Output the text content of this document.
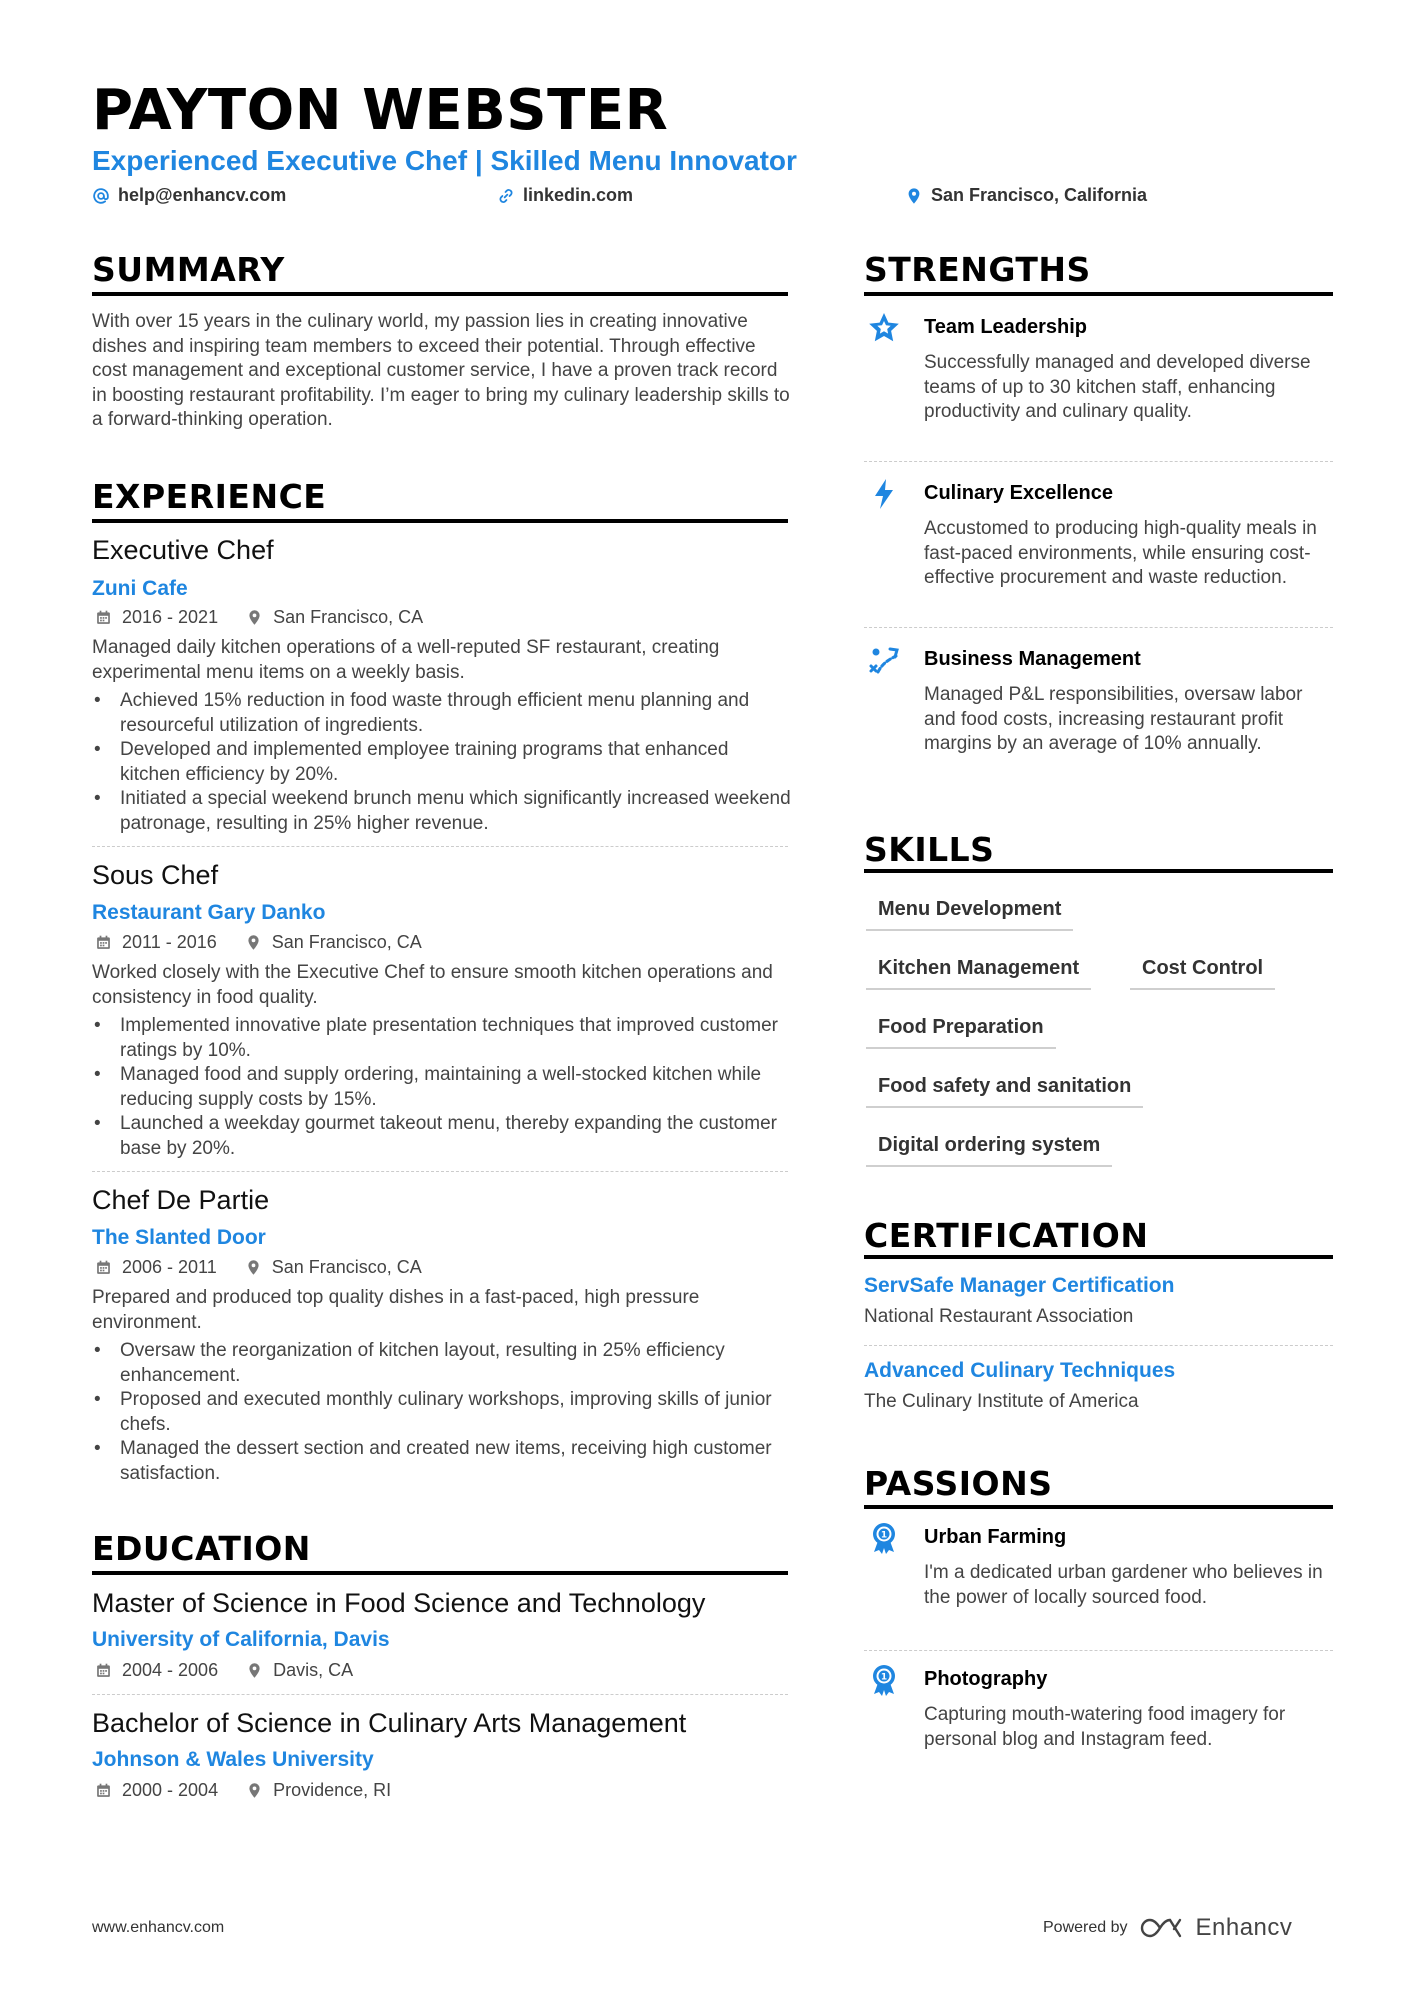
PAYTON WEBSTER
Experienced Executive Chef | Skilled Menu Innovator
help@enhancv.com	linkedin.com	San Francisco, California
SUMMARY
With over 15 years in the culinary world, my passion lies in creating innovative dishes and inspiring team members to exceed their potential. Through effective cost management and exceptional customer service, I have a proven track record in boosting restaurant profitability. I’m eager to bring my culinary leadership skills to a forward-thinking operation.
EXPERIENCE
Executive Chef
Zuni Cafe
2016 - 2021	San Francisco, CA
Managed daily kitchen operations of a well-reputed SF restaurant, creating experimental menu items on a weekly basis.
• Achieved 15% reduction in food waste through efficient menu planning and resourceful utilization of ingredients.
• Developed and implemented employee training programs that enhanced kitchen efficiency by 20%.
• Initiated a special weekend brunch menu which significantly increased weekend patronage, resulting in 25% higher revenue.
Sous Chef
Restaurant Gary Danko
2011 - 2016	San Francisco, CA
Worked closely with the Executive Chef to ensure smooth kitchen operations and consistency in food quality.
• Implemented innovative plate presentation techniques that improved customer ratings by 10%.
• Managed food and supply ordering, maintaining a well-stocked kitchen while reducing supply costs by 15%.
• Launched a weekday gourmet takeout menu, thereby expanding the customer base by 20%.
Chef De Partie
The Slanted Door
2006 - 2011	San Francisco, CA
Prepared and produced top quality dishes in a fast-paced, high pressure environment.
• Oversaw the reorganization of kitchen layout, resulting in 25% efficiency enhancement.
• Proposed and executed monthly culinary workshops, improving skills of junior chefs.
• Managed the dessert section and created new items, receiving high customer satisfaction.
EDUCATION
Master of Science in Food Science and Technology
University of California, Davis
2004 - 2006	Davis, CA
Bachelor of Science in Culinary Arts Management
Johnson & Wales University
2000 - 2004	Providence, RI
STRENGTHS
Team Leadership
Successfully managed and developed diverse teams of up to 30 kitchen staff, enhancing productivity and culinary quality.
Culinary Excellence
Accustomed to producing high-quality meals in fast-paced environments, while ensuring cost-effective procurement and waste reduction.
Business Management
Managed P&L responsibilities, oversaw labor and food costs, increasing restaurant profit margins by an average of 10% annually.
SKILLS
Menu Development
Kitchen Management	Cost Control
Food Preparation
Food safety and sanitation
Digital ordering system
CERTIFICATION
ServSafe Manager Certification
National Restaurant Association
Advanced Culinary Techniques
The Culinary Institute of America
PASSIONS
1 Urban Farming
I'm a dedicated urban gardener who believes in the power of locally sourced food.
1 Photography
Capturing mouth-watering food imagery for personal blog and Instagram feed.
www.enhancv.com	Powered by	Enhancv
